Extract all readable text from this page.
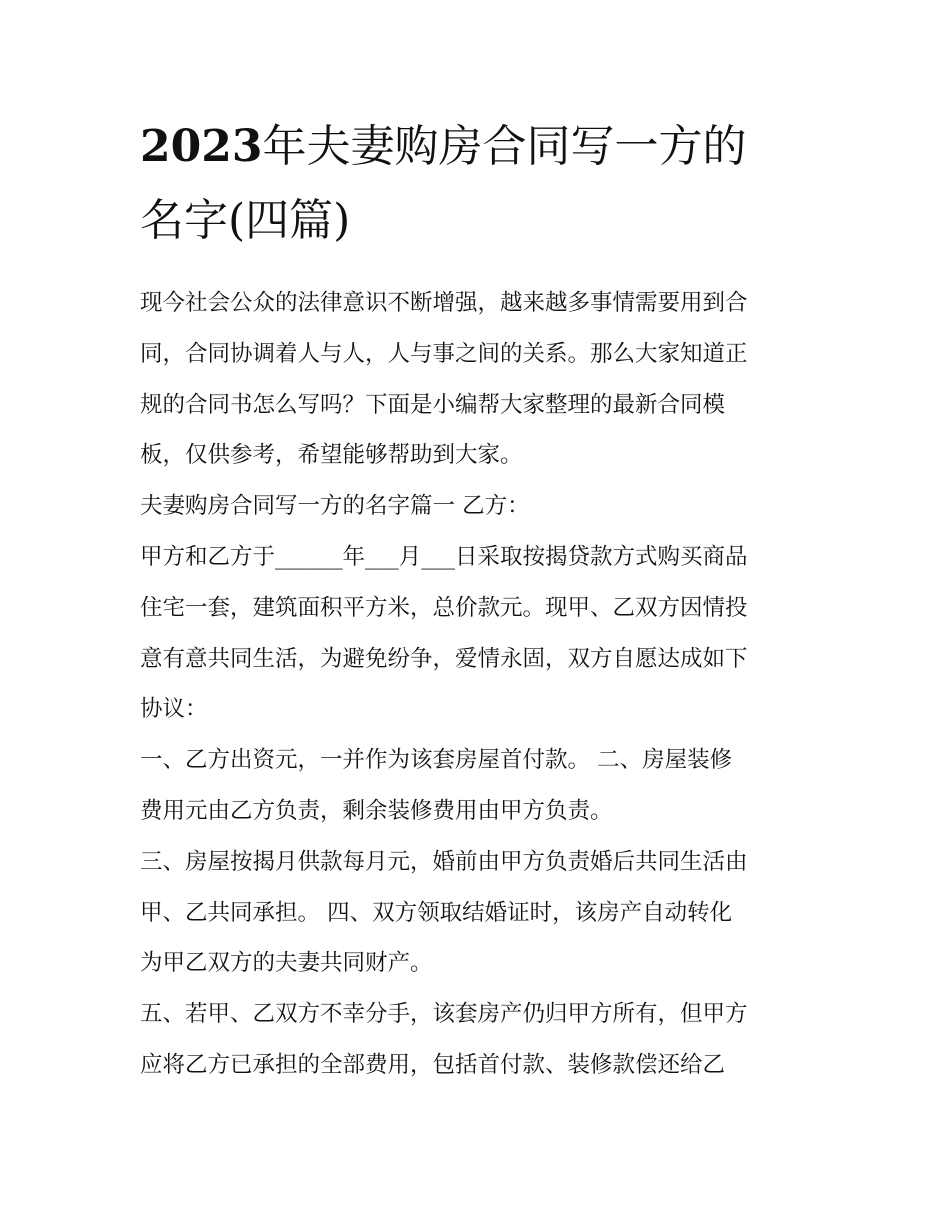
2023年夫妻购房合同写一方的
名字(四篇)

现今社会公众的法律意识不断增强，越来越多事情需要用到合
同，合同协调着人与人，人与事之间的关系。那么大家知道正
规的合同书怎么写吗？下面是小编帮大家整理的最新合同模
板，仅供参考，希望能够帮助到大家。

夫妻购房合同写一方的名字篇一 乙方：

甲方和乙方于______年___月___日采取按揭贷款方式购买商品
住宅一套，建筑面积平方米，总价款元。现甲、乙双方因情投
意有意共同生活，为避免纷争，爱情永固，双方自愿达成如下
协议：

一、乙方出资元，一并作为该套房屋首付款。 二、房屋装修
费用元由乙方负责，剩余装修费用由甲方负责。

三、房屋按揭月供款每月元，婚前由甲方负责婚后共同生活由
甲、乙共同承担。 四、双方领取结婚证时，该房产自动转化
为甲乙双方的夫妻共同财产。

五、若甲、乙双方不幸分手，该套房产仍归甲方所有，但甲方
应将乙方已承担的全部费用，包括首付款、装修款偿还给乙
